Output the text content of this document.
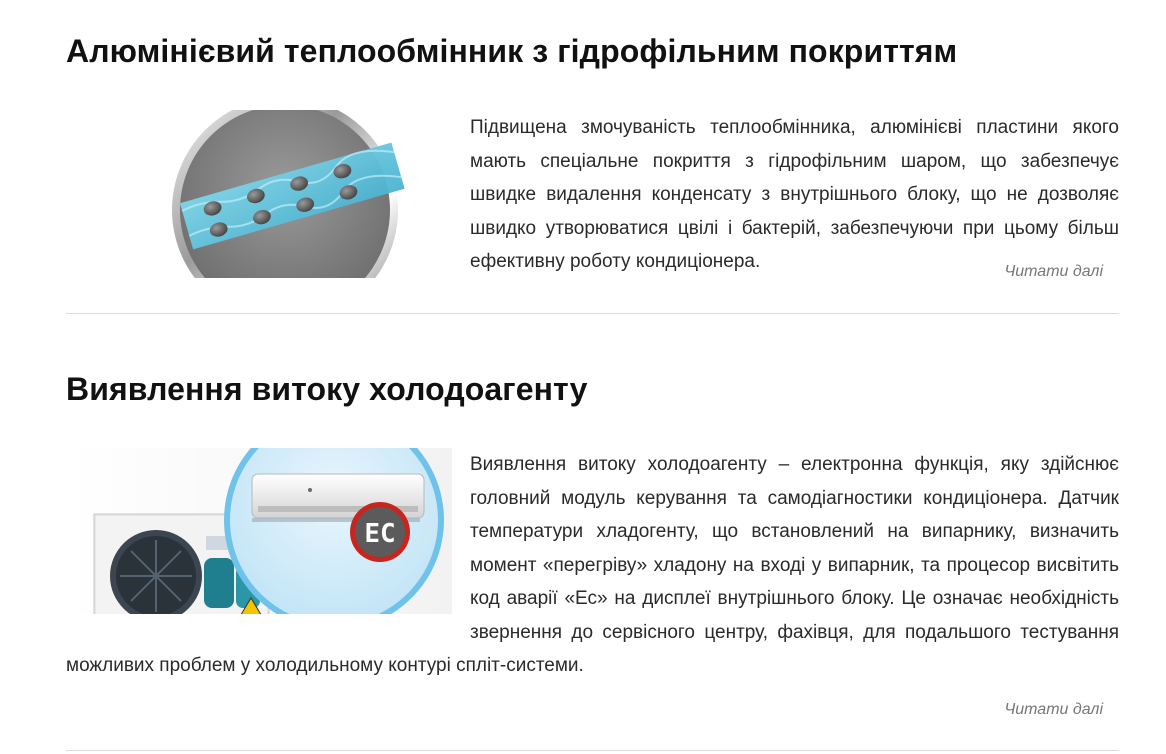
Алюмінієвий теплообмінник з гідрофільним покриттям

Підвищена змочуваність теплообмінника, алюмінієві пластини якого мають спеціальне покриття з гідрофільним шаром, що забезпечує швидке видалення конденсату з внутрішнього блоку, що не дозволяє швидко утворюватися цвілі і бактерій, забезпечуючи при цьому більш ефективну роботу кондиціонера.	Читати далі
Виявлення витоку холодоагенту
Виявлення витоку холодоагенту – електронна функція, яку здійснює головний модуль керування та самодіагностики кондиціонера. Датчик температури хладогенту, що встановлений на випарнику, визначить момент «перегріву» хладону на вході у випарник, та процесор висвітить код аварії «Ес» на дисплеї внутрішнього блоку. Це означає необхідність звернення до сервісного центру, фахівця, для подальшого тестування можливих проблем у холодильному контурі спліт-системи.
EC
Читати далі
